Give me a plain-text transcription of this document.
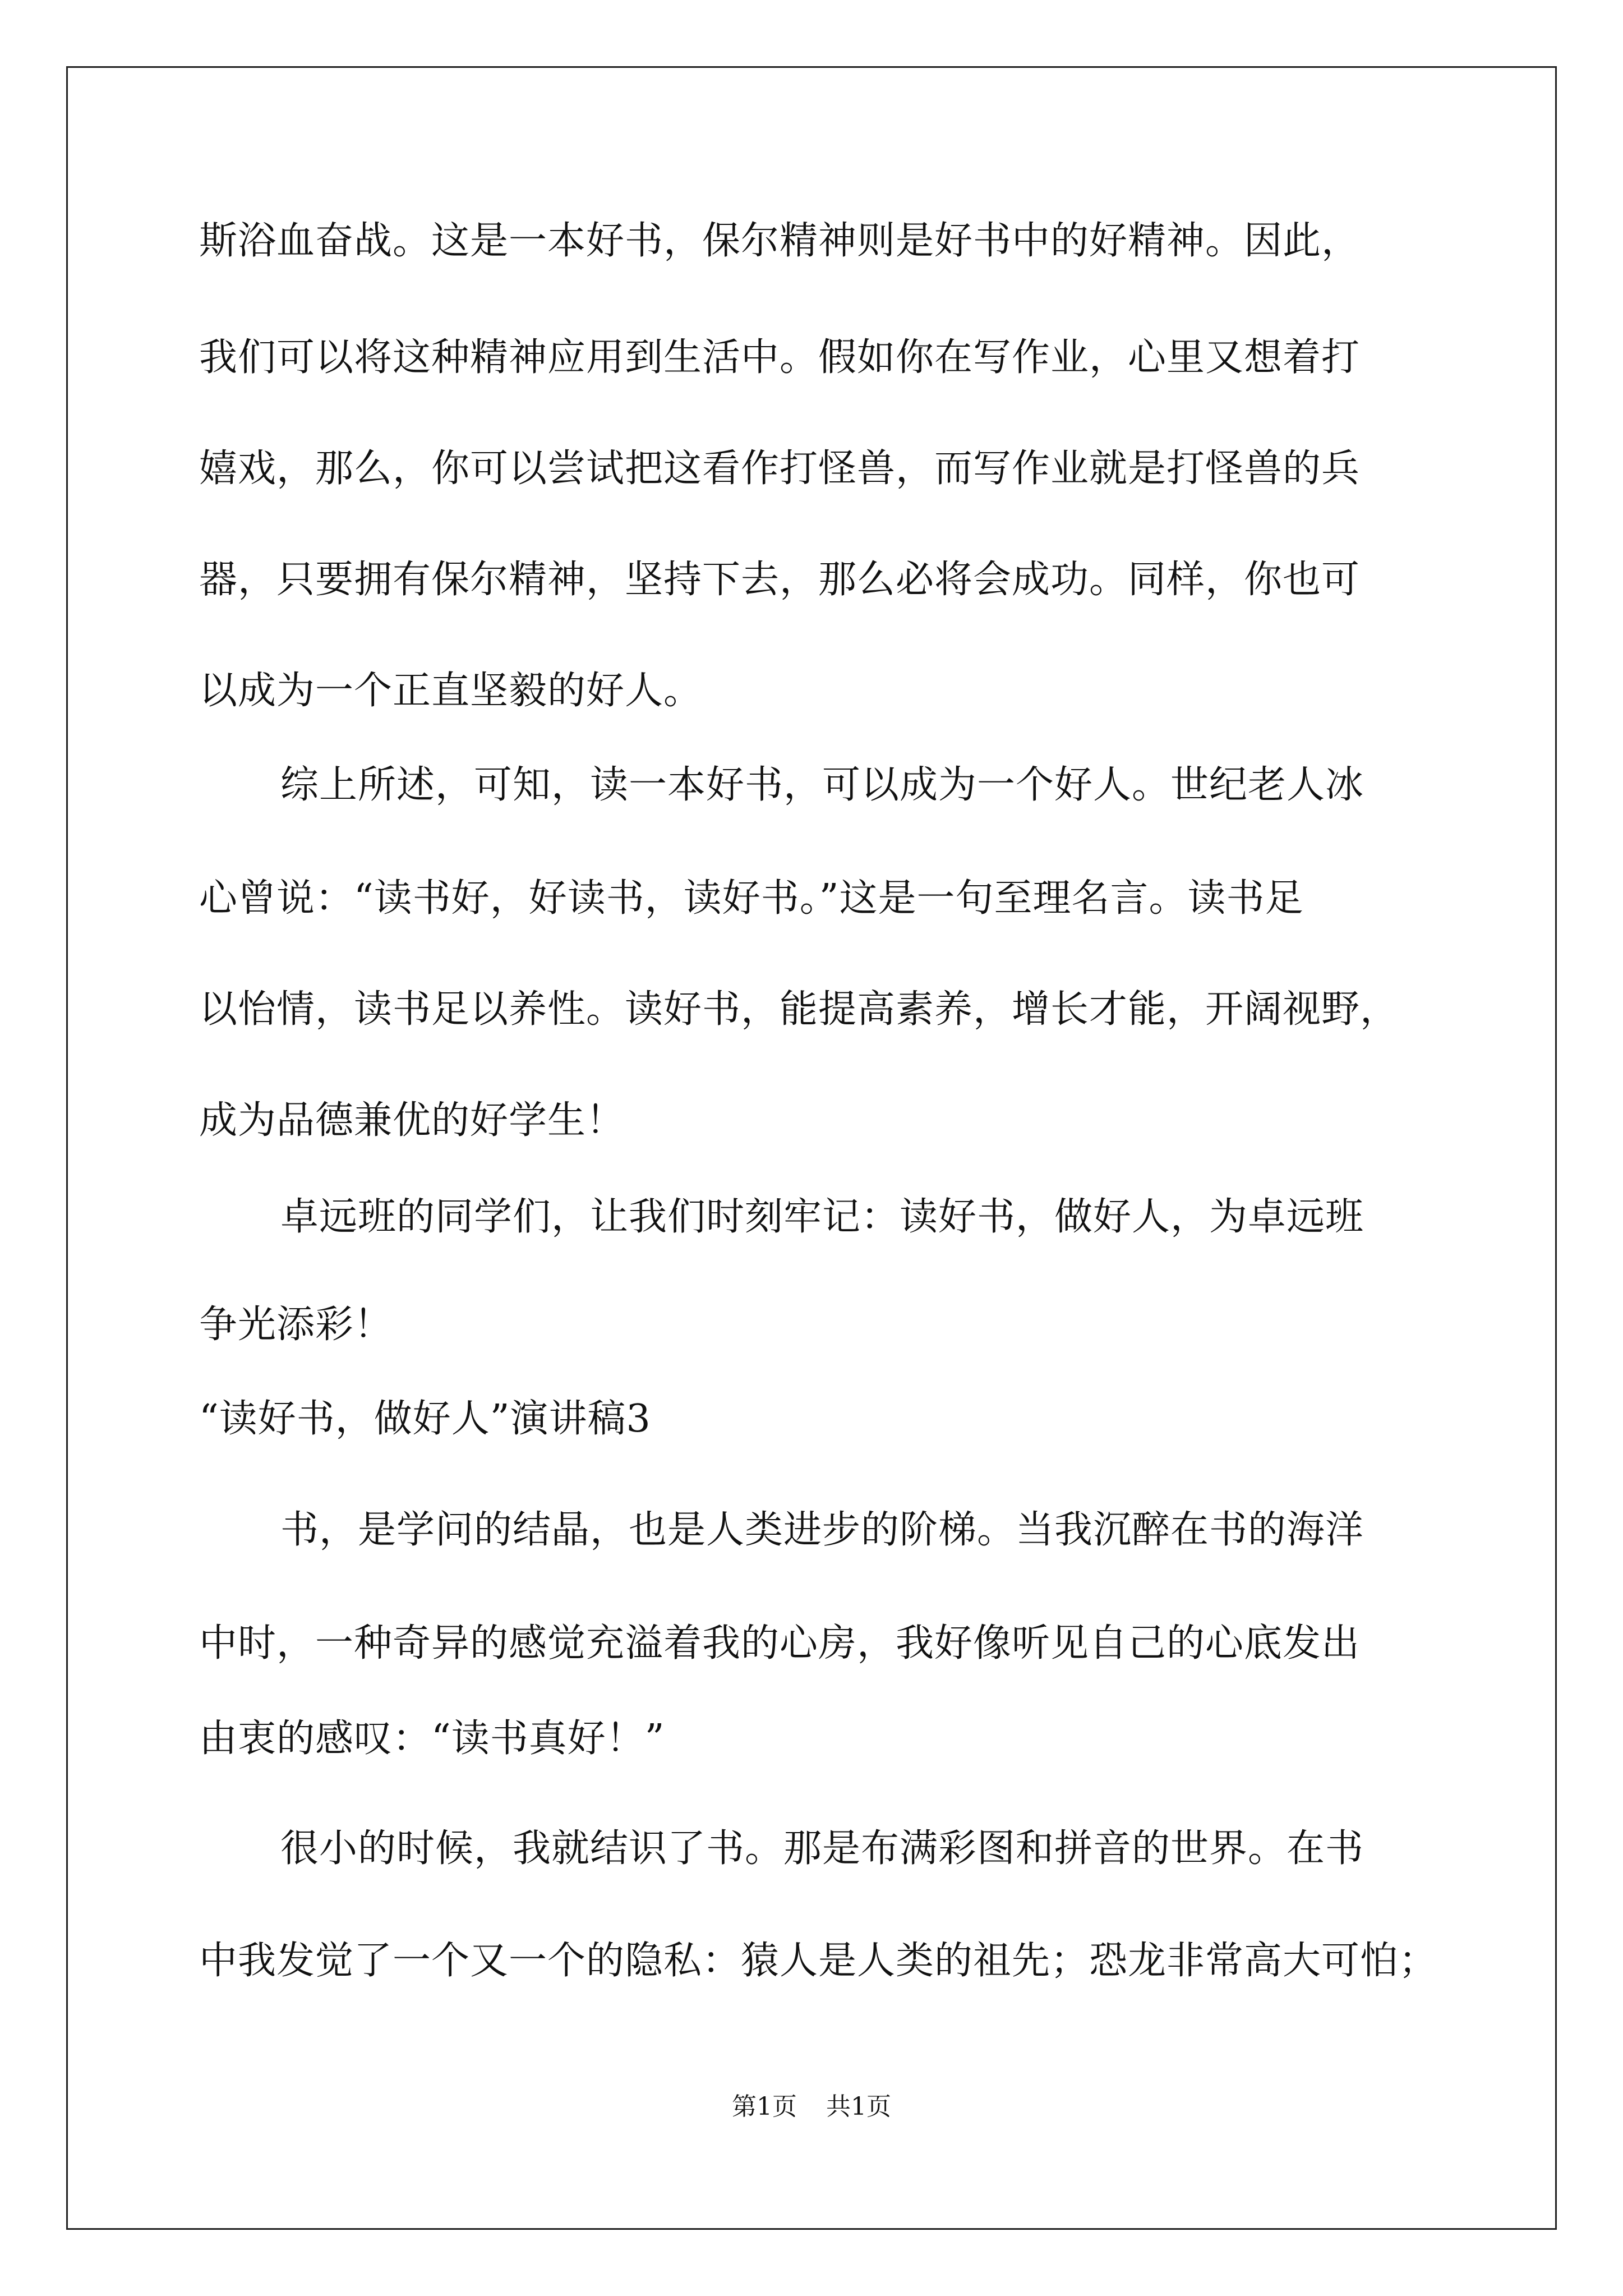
斯浴血奋战。这是一本好书，保尔精神则是好书中的好精神。因此，
我们可以将这种精神应用到生活中。假如你在写作业，心里又想着打
嬉戏，那么，你可以尝试把这看作打怪兽，而写作业就是打怪兽的兵
器，只要拥有保尔精神，坚持下去，那么必将会成功。同样，你也可
以成为一个正直坚毅的好人。
综上所述，可知，读一本好书，可以成为一个好人。世纪老人冰
心曾说：“读书好，好读书，读好书。”这是一句至理名言。读书足
以怡情，读书足以养性。读好书，能提高素养，增长才能，开阔视野，
成为品德兼优的好学生！
卓远班的同学们，让我们时刻牢记：读好书，做好人，为卓远班
争光添彩！
“读好书，做好人”演讲稿3
书，是学问的结晶，也是人类进步的阶梯。当我沉醉在书的海洋
中时，一种奇异的感觉充溢着我的心房，我好像听见自己的心底发出
由衷的感叹：“读书真好！”
很小的时候，我就结识了书。那是布满彩图和拼音的世界。在书
中我发觉了一个又一个的隐私：猿人是人类的祖先；恐龙非常高大可怕；
第1页 共1页
